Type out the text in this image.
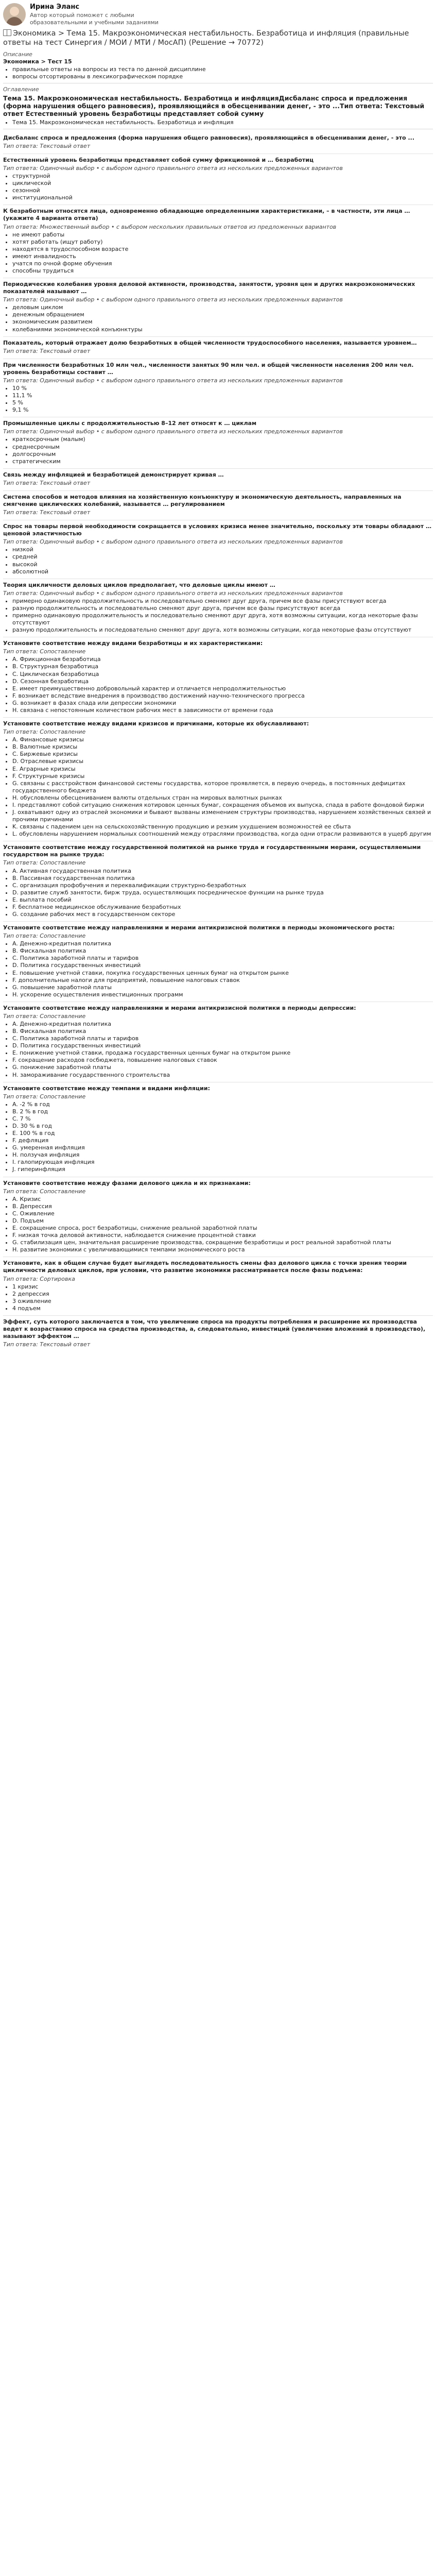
Ирина Эланс
Автор который поможет с любыми образовательными и учебными заданиями
Экономика > Тема 15. Макроэкономическая нестабильность. Безработица и инфляция (правильные ответы на тест Синергия / МОИ / МТИ / МосАП) (Решение → 70772)
Описание
Экономика > Тест 15
• правильные ответы на вопросы из теста по данной дисциплине
• вопросы отсортированы в лексикографическом порядке
Оглавление
Тема 15. Макроэкономическая нестабильность. Безработица и инфляцияДисбаланс спроса и предложения (форма нарушения общего равновесия), проявляющийся в обесценивании денег, - это ...Тип ответа: Текстовый ответ Естественный уровень безработицы представляет собой сумму
• Тема 15. Макроэкономическая нестабильность. Безработица и инфляция
Дисбаланс спроса и предложения (форма нарушения общего равновесия), проявляющийся в обесценивании денег, - это ...
Тип ответа: Текстовый ответ
Естественный уровень безработицы представляет собой сумму фрикционной и … безработиц
Тип ответа: Одиночный выбор • с выбором одного правильного ответа из нескольких предложенных вариантов
• структурной
• циклической
• сезонной
• институциональной
К безработным относятся лица, одновременно обладающие определенными характеристиками, – в частности, эти лица … (укажите 4 варианта ответа)
Тип ответа: Множественный выбор • с выбором нескольких правильных ответов из предложенных вариантов
• не имеют работы
• хотят работать (ищут работу)
• находятся в трудоспособном возрасте
• имеют инвалидность
• учатся по очной форме обучения
• способны трудиться
Периодические колебания уровня деловой активности, производства, занятости, уровня цен и других макроэкономических показателей называют …
Тип ответа: Одиночный выбор • с выбором одного правильного ответа из нескольких предложенных вариантов
• деловым циклом
• денежным обращением
• экономическим развитием
• колебаниями экономической конъюнктуры
Показатель, который отражает долю безработных в общей численности трудоспособного населения, называется уровнем…
Тип ответа: Текстовый ответ
При численности безработных 10 млн чел., численности занятых 90 млн чел. и общей численности населения 200 млн чел. уровень безработицы составит …
Тип ответа: Одиночный выбор • с выбором одного правильного ответа из нескольких предложенных вариантов
• 10 %
• 11,1 %
• 5 %
• 9,1 %
Промышленные циклы с продолжительностью 8–12 лет относят к … циклам
Тип ответа: Одиночный выбор • с выбором одного правильного ответа из нескольких предложенных вариантов
• краткосрочным (малым)
• среднесрочным
• долгосрочным
• стратегическим
Связь между инфляцией и безработицей демонстрирует кривая …
Тип ответа: Текстовый ответ
Система способов и методов влияния на хозяйственную конъюнктуру и экономическую деятельность, направленных на смягчение циклических колебаний, называется … регулированием
Тип ответа: Текстовый ответ
Спрос на товары первой необходимости сокращается в условиях кризиса менее значительно, поскольку эти товары обладают … ценовой эластичностью
Тип ответа: Одиночный выбор • с выбором одного правильного ответа из нескольких предложенных вариантов
• низкой
• средней
• высокой
• абсолютной
Теория цикличности деловых циклов предполагает, что деловые циклы имеют …
Тип ответа: Одиночный выбор • с выбором одного правильного ответа из нескольких предложенных вариантов
• примерно одинаковую продолжительность и последовательно сменяют друг друга, причем все фазы присутствуют всегда
• разную продолжительность и последовательно сменяют друг друга, причем все фазы присутствуют всегда
• примерно одинаковую продолжительность и последовательно сменяют друг друга, хотя возможны ситуации, когда некоторые фазы отсутствуют
• разную продолжительность и последовательно сменяют друг друга, хотя возможны ситуации, когда некоторые фазы отсутствуют
Установите соответствие между видами безработицы и их характеристиками:
Тип ответа: Сопоставление
• A. Фрикционная безработица
• B. Структурная безработица
• C. Циклическая безработица
• D. Сезонная безработица
• E. имеет преимущественно добровольный характер и отличается непродолжительностью
• F. возникает вследствие внедрения в производство достижений научно-технического прогресса
• G. возникает в фазах спада или депрессии экономики
• H. связана с непостоянным количеством рабочих мест в зависимости от времени года
Установите соответствие между видами кризисов и причинами, которые их обуславливают:
Тип ответа: Сопоставление
• A. Финансовые кризисы
• B. Валютные кризисы
• C. Биржевые кризисы
• D. Отраслевые кризисы
• E. Аграрные кризисы
• F. Структурные кризисы
• G. связаны с расстройством финансовой системы государства, которое проявляется, в первую очередь, в постоянных дефицитах государственного бюджета
• H. обусловлены обесцениванием валюты отдельных стран на мировых валютных рынках
• I. представляют собой ситуацию снижения котировок ценных бумаг, сокращения объемов их выпуска, спада в работе фондовой биржи
• J. охватывают одну из отраслей экономики и бывают вызваны изменением структуры производства, нарушением хозяйственных связей и прочими причинами
• K. связаны с падением цен на сельскохозяйственную продукцию и резким ухудшением возможностей ее сбыта
• L. обусловлены нарушением нормальных соотношений между отраслями производства, когда одни отрасли развиваются в ущерб другим
Установите соответствие между государственной политикой на рынке труда и государственными мерами, осуществляемыми государством на рынке труда:
Тип ответа: Сопоставление
• A. Активная государственная политика
• B. Пассивная государственная политика
• C. организация профобучения и переквалификации структурно-безработных
• D. развитие служб занятости, бирж труда, осуществляющих посредническое функции на рынке труда
• E. выплата пособий
• F. бесплатное медицинское обслуживание безработных
• G. создание рабочих мест в государственном секторе
Установите соответствие между направлениями и мерами антикризисной политики в периоды экономического роста:
Тип ответа: Сопоставление
• A. Денежно-кредитная политика
• B. Фискальная политика
• C. Политика заработной платы и тарифов
• D. Политика государственных инвестиций
• E. повышение учетной ставки, покупка государственных ценных бумаг на открытом рынке
• F. дополнительные налоги для предприятий, повышение налоговых ставок
• G. повышение заработной платы
• H. ускорение осуществления инвестиционных программ
Установите соответствие между направлениями и мерами антикризисной политики в периоды депрессии:
Тип ответа: Сопоставление
• A. Денежно-кредитная политика
• B. Фискальная политика
• C. Политика заработной платы и тарифов
• D. Политика государственных инвестиций
• E. понижение учетной ставки, продажа государственных ценных бумаг на открытом рынке
• F. сокращение расходов госбюджета, повышение налоговых ставок
• G. понижение заработной платы
• H. замораживание государственного строительства
Установите соответствие между темпами и видами инфляции:
Тип ответа: Сопоставление
• A. -2 % в год
• B. 2 % в год
• C. 7 %
• D. 30 % в год
• E. 100 % в год
• F. дефляция
• G. умеренная инфляция
• H. ползучая инфляция
• I. галопирующая инфляция
• J. гиперинфляция
Установите соответствие между фазами делового цикла и их признаками:
Тип ответа: Сопоставление
• A. Кризис
• B. Депрессия
• C. Оживление
• D. Подъем
• E. сокращение спроса, рост безработицы, снижение реальной заработной платы
• F. низкая точка деловой активности, наблюдается снижение процентной ставки
• G. стабилизация цен, значительная расширение производства, сокращение безработицы и рост реальной заработной платы
• H. развитие экономики с увеличивающимися темпами экономического роста
Установите, как в общем случае будет выглядеть последовательность смены фаз делового цикла с точки зрения теории цикличности деловых циклов, при условии, что развитие экономики рассматривается после фазы подъема:
Тип ответа: Сортировка
• 1 кризис
• 2 депрессия
• 3 оживление
• 4 подъем
Эффект, суть которого заключается в том, что увеличение спроса на продукты потребления и расширение их производства ведет к возрастанию спроса на средства производства, а, следовательно, инвестиций (увеличение вложений в производство), называют эффектом …
Тип ответа: Текстовый ответ
